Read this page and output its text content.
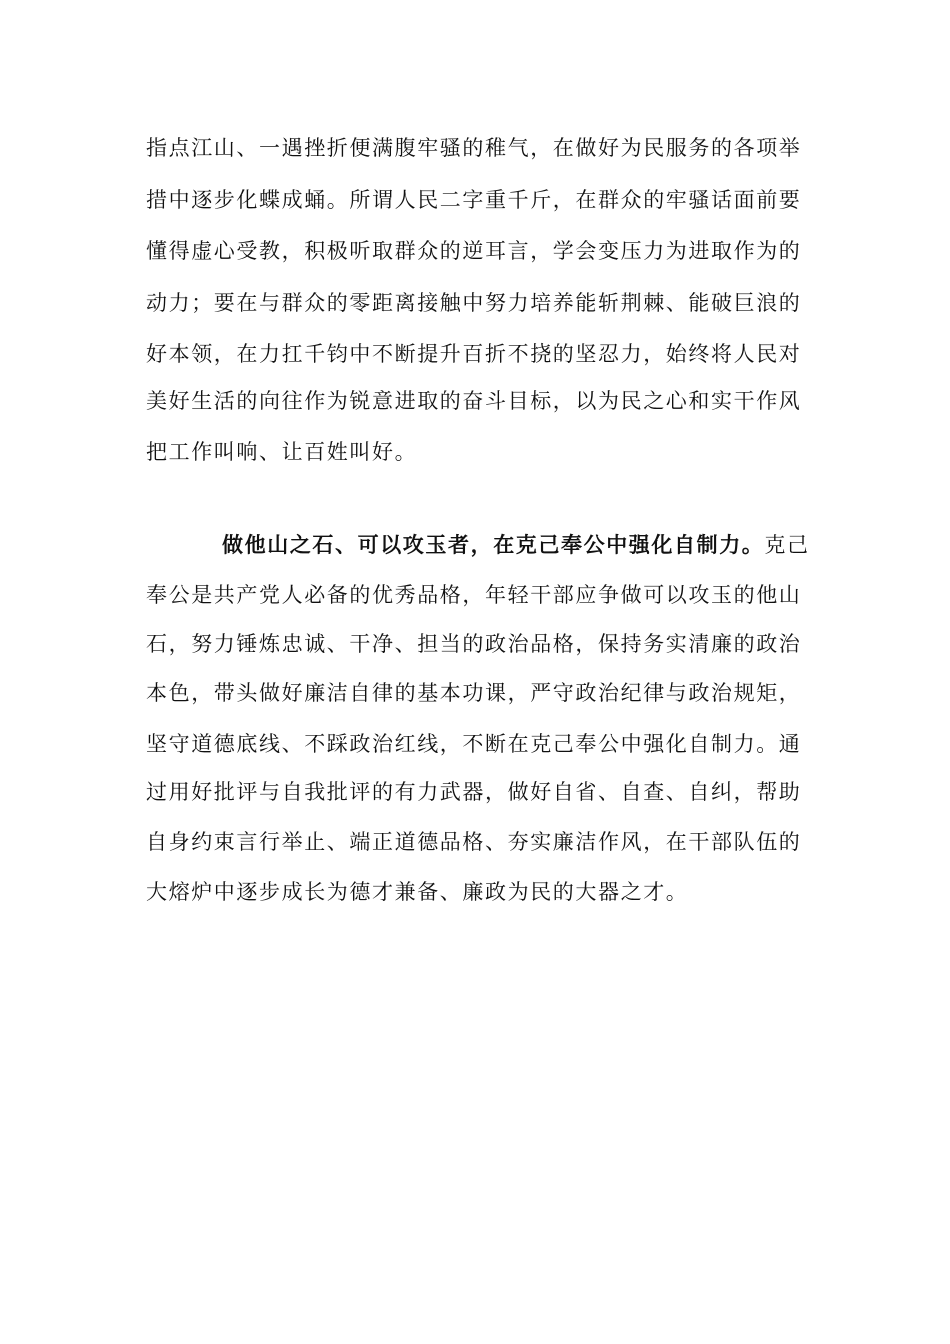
指点江山、一遇挫折便满腹牢骚的稚气，在做好为民服务的各项举
措中逐步化蝶成蛹。所谓人民二字重千斤，在群众的牢骚话面前要
懂得虚心受教，积极听取群众的逆耳言，学会变压力为进取作为的
动力；要在与群众的零距离接触中努力培养能斩荆棘、能破巨浪的
好本领，在力扛千钧中不断提升百折不挠的坚忍力，始终将人民对
美好生活的向往作为锐意进取的奋斗目标，以为民之心和实干作风
把工作叫响、让百姓叫好。
做他山之石、可以攻玉者，在克己奉公中强化自制力。克己
奉公是共产党人必备的优秀品格，年轻干部应争做可以攻玉的他山
石，努力锤炼忠诚、干净、担当的政治品格，保持务实清廉的政治
本色，带头做好廉洁自律的基本功课，严守政治纪律与政治规矩，
坚守道德底线、不踩政治红线，不断在克己奉公中强化自制力。通
过用好批评与自我批评的有力武器，做好自省、自查、自纠，帮助
自身约束言行举止、端正道德品格、夯实廉洁作风，在干部队伍的
大熔炉中逐步成长为德才兼备、廉政为民的大器之才。
